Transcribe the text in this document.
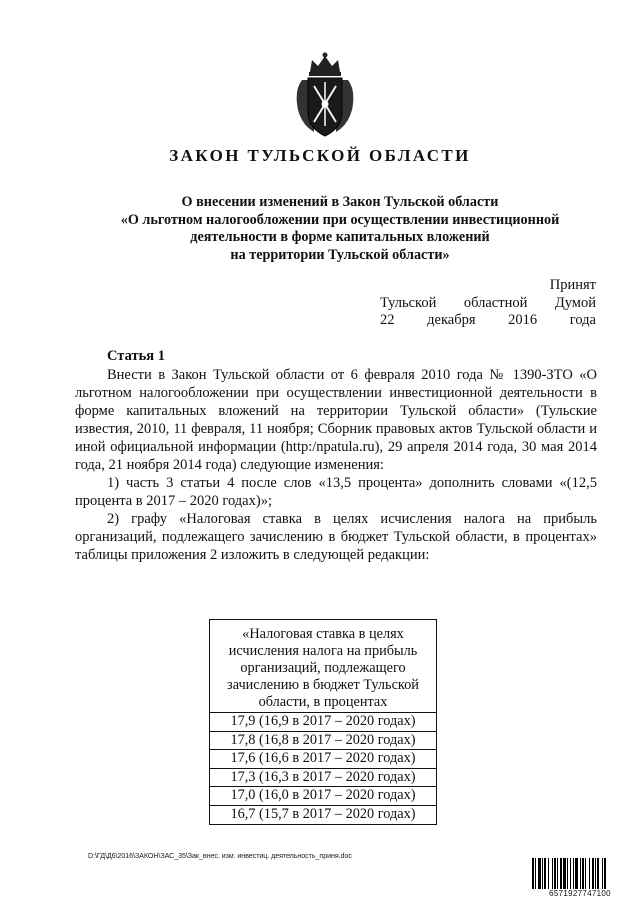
ЗАКОН ТУЛЬСКОЙ ОБЛАСТИ
О внесении изменений в Закон Тульской области
«О льготном налогообложении при осуществлении инвестиционной
деятельности в форме капитальных вложений
на территории Тульской области»
Принят
Тульской областной Думой
22 декабря 2016 года
Статья 1

Внести в Закон Тульской области от 6 февраля 2010 года № 1390-ЗТО «О льготном налогообложении при осуществлении инвестиционной деятельности в форме капитальных вложений на территории Тульской области» (Тульские известия, 2010, 11 февраля, 11 ноября; Сборник правовых актов Тульской области и иной официальной информации (http:/npatula.ru), 29 апреля 2014 года, 30 мая 2014 года, 21 ноября 2014 года) следующие изменения:

1) часть 3 статьи 4 после слов «13,5 процента» дополнить словами «(12,5 процента в 2017 – 2020 годах)»;

2) графу «Налоговая ставка в целях исчисления налога на прибыль организаций, подлежащего зачислению в бюджет Тульской области, в процентах» таблицы приложения 2 изложить в следующей редакции:

«Налоговая ставка в целях исчисления налога на прибыль организаций, подлежащего зачислению в бюджет Тульской области, в процентах
17,9 (16,9 в 2017 – 2020 годах)
17,8 (16,8 в 2017 – 2020 годах)
17,6 (16,6 в 2017 – 2020 годах)
17,3 (16,3 в 2017 – 2020 годах)
17,0 (16,0 в 2017 – 2020 годах)
16,7 (15,7 в 2017 – 2020 годах)
D:\ГД\Д6\2016\ЗАКОН\ЗАС_35\Зак_внес. изм. инвестиц. деятельность_приня.doc
6571927747100
